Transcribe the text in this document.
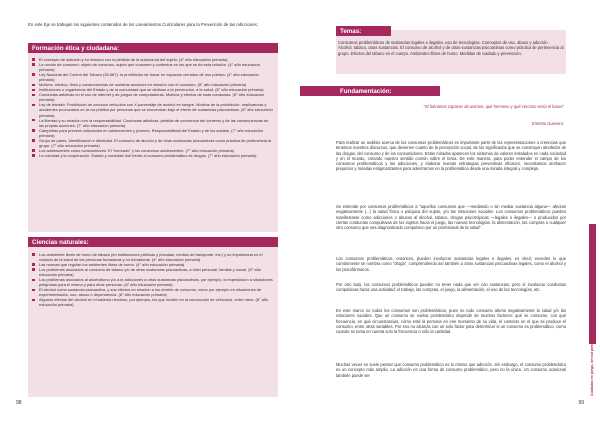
En este Eje se trabajan los siguientes contenidos de los Lineamientos Curriculares para la Prevención de las Adicciones:
Formación ética y ciudadana:
El concepto de adicción y su relación con la pérdida de la autonomía del sujeto. (4° año educación primaria)
La noción de consumo: objeto de consumo, sujeto que consume y contextos en los que se da esta relación. (4° año educación primaria)
Ley Nacional del Control del Tabaco (26.687): la prohibición de fumar en espacios cerrados de uso público. (4° año educación primaria)
Motivos, medios, fines y consecuencias de nuestras acciones en relación con el consumo. (5° año educación primaria)
Instituciones u organismos del Estado y de la comunidad que se dedican a la prevención, a la salud. (5° año educación primaria)
Conductas adictivas en el uso de internet y de juegos de computadoras. Motivos y efectos de esas conductas. (5° año educación primaria)
Ley de tránsito. Prohibición de conducir vehículos con X porcentaje de alcohol en sangre. Motivos de la prohibición. Implicancias y accidentes provocados en la vía pública por personas que se encuentran bajo el efecto de sustancias psicoactivas. (6° año educación primaria)
La libertad y su relación con la responsabilidad. Conductas adictivas, pérdida de conciencia del contexto y de las consecuencias de las propias acciones. (7° año educación primaria)
Campañas para prevenir adicciones en adolescentes y jóvenes. Responsabilidad del Estado y de los adultos. (7° año educación primaria)
Grupo de pares. Identificación e identidad. El consumo de alcohol y de otras sustancias psicoactivas como práctica de pertenencia al grupo. (7° año educación primaria)
Los adolescentes como consumidores. El "mercado" y los consumos adolescentes. (7° año educación primaria)
La voluntad y la cooperación. Estado y sociedad civil frente al consumo problemático de drogas. (7° año educación primaria)
Ciencias naturales:
Los ambientes libres de humo de tabaco (en instituciones públicas y privadas, medios de transporte, etc.) y su importancia en el cuidado de la salud de las personas fumadoras y no fumadoras. (4° año educación primaria)
Las normas que regulan los ambientes libres de humo. (4° año educación primaria)
Los problemas asociados al consumo de tabaco y/o de otras sustancias psicoactivas, a nivel personal, familiar y social. (5° año educación primaria)
Los problemas asociados al alcoholismo y/o a la adicciones a otras sustancias psicoactivas, por ejemplo, la expectación a situaciones peligrosas para el mismo y para otras personas. (6° año educación primaria)
El alcohol como sustancia psicoactiva, y sus efectos en relación a los niveles de consumo, como por ejemplo en situaciones de experimentación, uso, abuso o dependencia. (6° año educación primaria)
Algunos efectos del alcohol en el sistema nervioso, por ejemplo, los que inciden en la conducción de vehículos, entre otros. (6° año educación primaria)
98
Temas:
Consumos problemáticos de sustancias legales e ilegales, uso de tecnologías. Conceptos de uso, abuso y adicción. Alcohol, tabaco, otras sustancias. El consumo de alcohol y de otras sustancias psicoactivas como práctica de pertenencia al grupo. Efectos del tabaco en el cuerpo. Ambientes libres de humo. Medidas de cuidado y prevención.
Fundamentación:
"Si fuéramos capaces de unirnos, qué hermoso y qué cercano sería el futuro"
Ernesto Guevara.
Para realizar un análisis acerca de los consumos problemáticos es importante partir de las representaciones o creencias que tenemos nuestros discursos, que devienen cuanto de la percepción social, de los significados que se construyen alrededor de las drogas, del consumo y de los consumidores. Estas miradas aparecen los sistemas de valores instalados en cada sociedad y en el mundo, creando nuestro sentido común sobre el tema. De este manera, para poder entender el campo de los consumos problemáticos y las adicciones, y elaborar nuevas estrategias preventivas eficaces, necesitamos deshacer prejuicios y miradas estigmatizantes para adentrarnos en la problemática desde una mirada integral y compleja.
Se entiende por consumos problemáticos a "aquellos consumos que —mediando o sin mediar sustancia alguna— afectan negativamente (...) la salud física o psíquica del sujeto, y/o las relaciones sociales. Los consumos problemáticos pueden manifestarse como adicciones o abusos al alcohol, tabaco, drogas psicotrópicas —legales o ilegales— o producidos por ciertas conductas compulsivas de los sujetos hacia el juego, las nuevas tecnologías, la alimentación, las compras o cualquier otro consumo que sea diagnosticado compulsivo por un profesional de la salud".
Los consumos problemáticos, entonces, pueden involucrar sustancias legales e ilegales, es decir, exceden lo que comúnmente se nombra como "droga", comprendiendo así también a otras sustancias psicoactivas legales, como el alcohol y los psicofármacos.
Por otro lado, los consumos problemáticos pueden no tener nada que ver con sustancias, pero sí involucrar conductas compulsivas hacia una actividad: el trabajo, las compras, el juego, la alimentación, el uso de las tecnologías, etc.
En este marco no todos los consumos son problemáticos, pues no todo consumo afecta negativamente la salud y/o las relaciones sociales. Que un consumo se vuelva problemático depende de muchos factores: qué se consume, con qué frecuencia, en qué circunstancias, cómo está la persona en ese momento de su vida, el contexto en el que se produce el consumo, entre otras variables. Por eso no alcanza con un solo factor para determinar si un consumo es problemático, como cuando se toma en cuenta solo la frecuencia o sólo la cantidad.
Muchas veces se suele pensar que consumo problemático es lo mismo que adicción. Sin embargo, el consumo problemático es un concepto más amplio. La adicción es una forma de consumo problemático, pero no la única. Un consumo ocasional también puede ser	Cuidados en juego, de tod precarios
99
